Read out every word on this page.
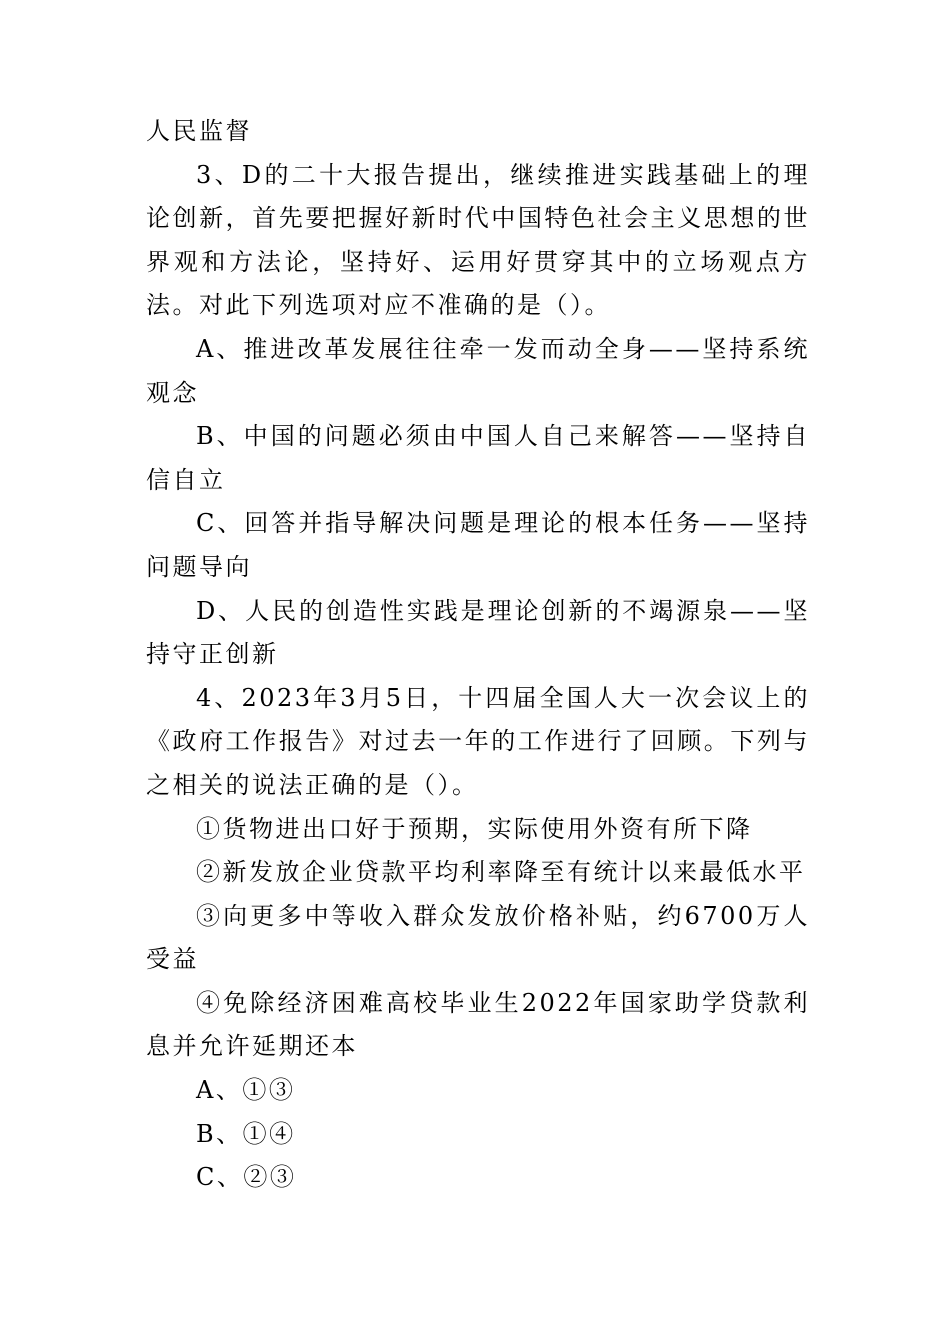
人民监督

3、D的二十大报告提出，继续推进实践基础上的理论创新，首先要把握好新时代中国特色社会主义思想的世界观和方法论，坚持好、运用好贯穿其中的立场观点方法。对此下列选项对应不准确的是（）。

A、推进改革发展往往牵一发而动全身——坚持系统观念

B、中国的问题必须由中国人自己来解答——坚持自信自立

C、回答并指导解决问题是理论的根本任务——坚持问题导向

D、人民的创造性实践是理论创新的不竭源泉——坚持守正创新

4、2023年3月5日，十四届全国人大一次会议上的《政府工作报告》对过去一年的工作进行了回顾。下列与之相关的说法正确的是（）。

①货物进出口好于预期，实际使用外资有所下降

②新发放企业贷款平均利率降至有统计以来最低水平

③向更多中等收入群众发放价格补贴，约6700万人受益

④免除经济困难高校毕业生2022年国家助学贷款利息并允许延期还本

A、①③

B、①④

C、②③
